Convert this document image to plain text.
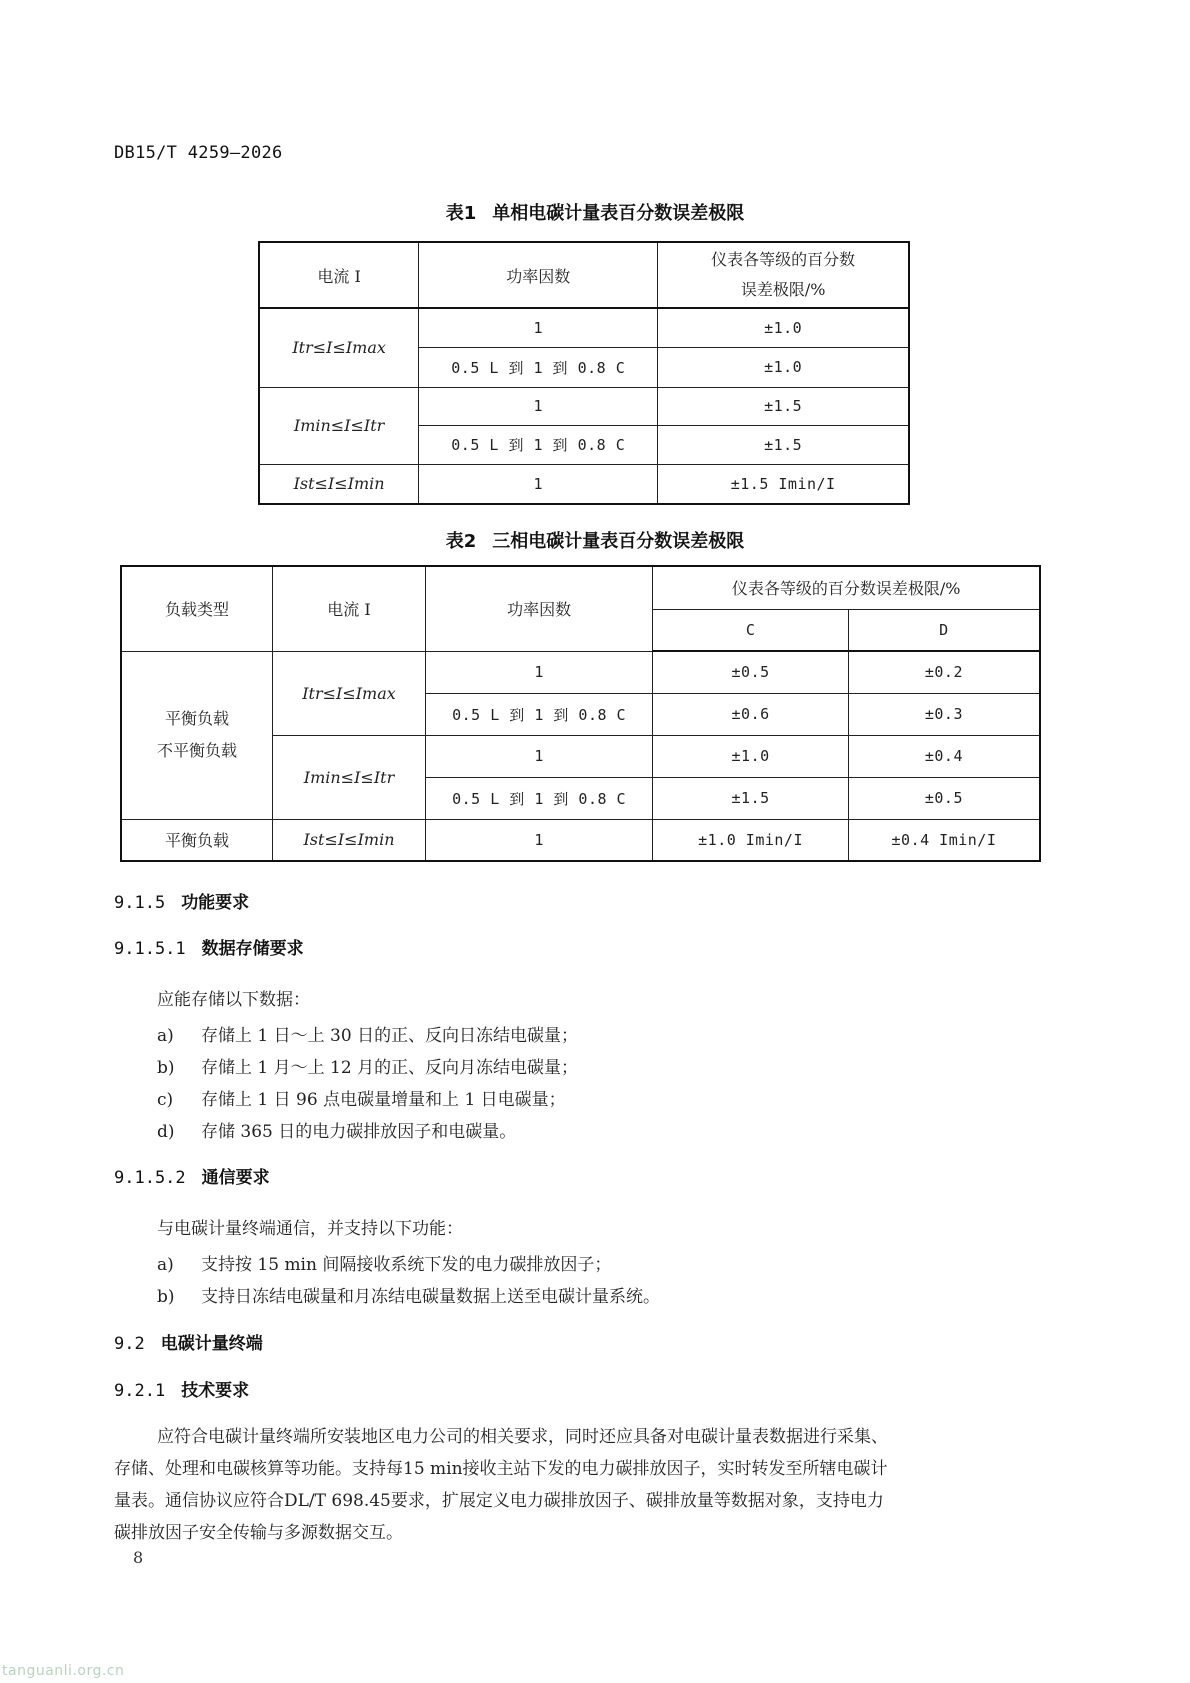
DB15/T 4259—2026
表1 单相电碳计量表百分数误差极限
电流 I	功率因数	仪表各等级的百分数
误差极限/%

Itr≤I≤Imax	1	±1.0
	0.5 L 到 1 到 0.8 C	±1.0
Imin≤I≤Itr	1	±1.5
	0.5 L 到 1 到 0.8 C	±1.5
Ist≤I≤Imin	1	±1.5 Imin/I
表2 三相电碳计量表百分数误差极限
负载类型	电流 I	功率因数	仪表各等级的百分数误差极限/%	
			C	D

平衡负载
不平衡负载	Itr≤I≤Imax	1	±0.5	±0.2
		0.5 L 到 1 到 0.8 C	±0.6	±0.3
	Imin≤I≤Itr	1	±1.0	±0.4
		0.5 L 到 1 到 0.8 C	±1.5	±0.5
平衡负载	Ist≤I≤Imin	1	±1.0 Imin/I	±0.4 Imin/I
9.1.5 功能要求
9.1.5.1 数据存储要求
应能存储以下数据：
a) 存储上 1 日～上 30 日的正、反向日冻结电碳量；
b) 存储上 1 月～上 12 月的正、反向月冻结电碳量；
c) 存储上 1 日 96 点电碳量增量和上 1 日电碳量；
d) 存储 365 日的电力碳排放因子和电碳量。
9.1.5.2 通信要求
与电碳计量终端通信，并支持以下功能：
a) 支持按 15 min 间隔接收系统下发的电力碳排放因子；
b) 支持日冻结电碳量和月冻结电碳量数据上送至电碳计量系统。
9.2 电碳计量终端
9.2.1 技术要求
应符合电碳计量终端所安装地区电力公司的相关要求，同时还应具备对电碳计量表数据进行采集、
存储、处理和电碳核算等功能。支持每15 min接收主站下发的电力碳排放因子，实时转发至所辖电碳计
量表。通信协议应符合DL/T 698.45要求，扩展定义电力碳排放因子、碳排放量等数据对象，支持电力
碳排放因子安全传输与多源数据交互。
8
tanguanli.org.cn
